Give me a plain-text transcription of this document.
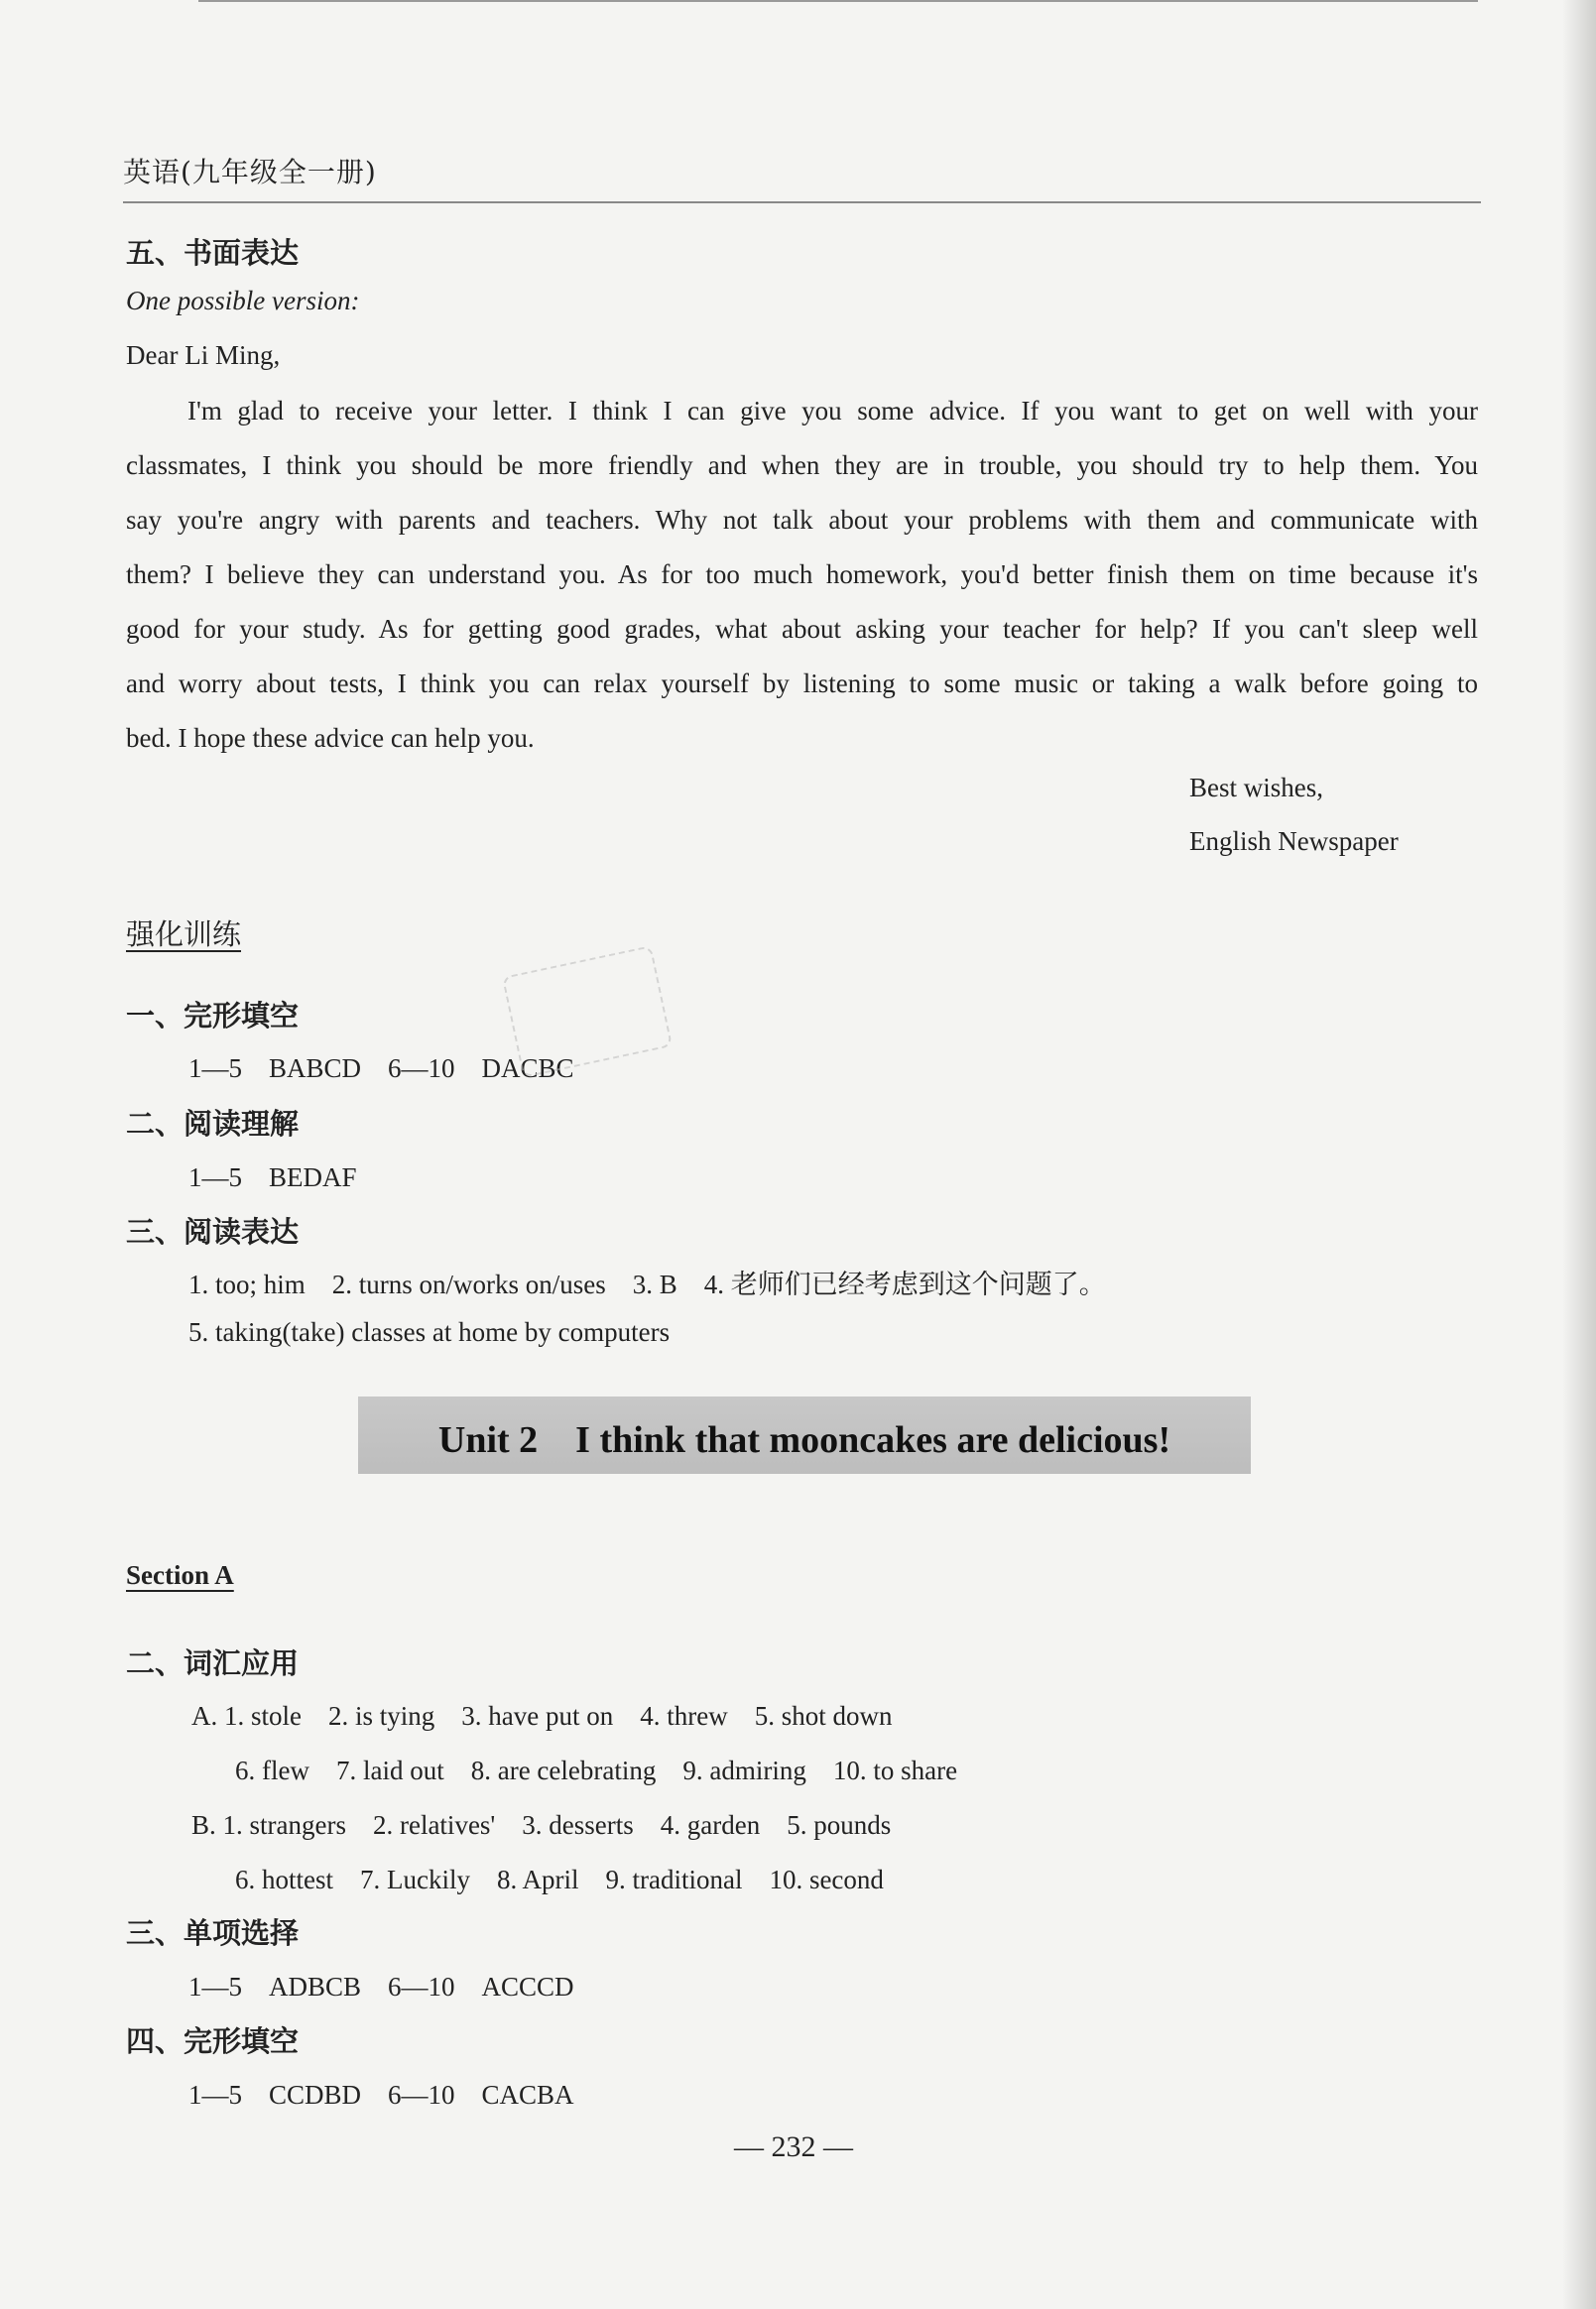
英语(九年级全一册)
五、书面表达
One possible version:
Dear Li Ming,
I'm glad to receive your letter. I think I can give you some advice. If you want to get on well with your
classmates, I think you should be more friendly and when they are in trouble, you should try to help them. You
say you're angry with parents and teachers. Why not talk about your problems with them and communicate with
them? I believe they can understand you. As for too much homework, you'd better finish them on time because it's
good for your study. As for getting good grades, what about asking your teacher for help? If you can't sleep well
and worry about tests, I think you can relax yourself by listening to some music or taking a walk before going to
bed. I hope these advice can help you.
Best wishes,
English Newspaper
强化训练
一、完形填空
1—5　BABCD　6—10　DACBC
二、阅读理解
1—5　BEDAF
三、阅读表达
1. too; him　2. turns on/works on/uses　3. B　4. 老师们已经考虑到这个问题了。
5. taking(take) classes at home by computers
Unit 2　I think that mooncakes are delicious!
Section A
二、词汇应用
A. 1. stole　2. is tying　3. have put on　4. threw　5. shot down
6. flew　7. laid out　8. are celebrating　9. admiring　10. to share
B. 1. strangers　2. relatives'　3. desserts　4. garden　5. pounds
6. hottest　7. Luckily　8. April　9. traditional　10. second
三、单项选择
1—5　ADBCB　6—10　ACCCD
四、完形填空
1—5　CCDBD　6—10　CACBA
— 232 —
